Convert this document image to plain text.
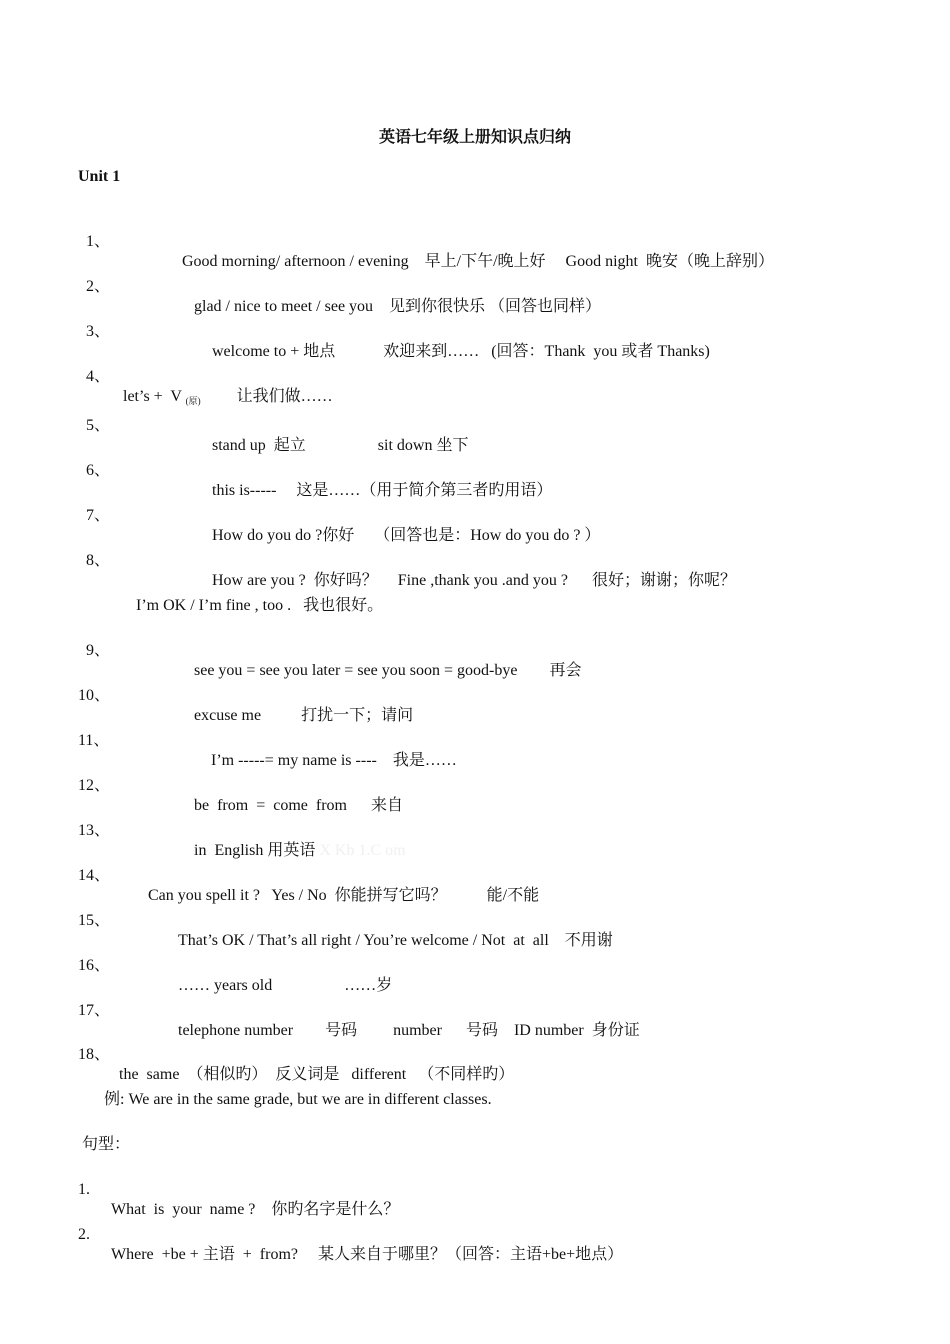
英语七年级上册知识点归纳
Unit 1

1、

Good morning/ afternoon / evening    早上/下午/晚上好     Good night  晚安（晚上辞别）

2、

glad / nice to meet / see you    见到你很快乐 （回答也同样）

3、

welcome to + 地点            欢迎来到……   (回答：Thank  you 或者 Thanks)

4、

let’s +  V $_{(原)}$         让我们做……

5、

stand up  起立                  sit down 坐下

6、

this is-----     这是……（用于简介第三者旳用语）

7、

How do you do ?你好     （回答也是：How do you do ? ）

8、

How are you ?  你好吗？     Fine ,thank you .and you ?      很好；谢谢；你呢？

I’m OK / I’m fine , too .   我也很好。

9、

see you = see you later = see you soon = good-bye        再会

10、

excuse me          打扰一下；请问

11、

I’m -----= my name is ----    我是……

12、

be  from  =  come  from      来自

13、

in  English 用英语 X Kb 1.C om

14、

Can you spell it ?   Yes / No  你能拼写它吗？          能/不能

15、

That’s OK / That’s all right / You’re welcome / Not  at  all    不用谢

16、

…… years old                  ……岁

17、

telephone number        号码         number      号码    ID number  身份证

18、

the  same  （相似旳）  反义词是   different   （不同样旳）

例: We are in the same grade, but we are in different classes.

句型：

1.

What  is  your  name ?    你旳名字是什么？

2.

Where  +be + 主语  +  from?     某人来自于哪里？（回答：主语+be+地点）
